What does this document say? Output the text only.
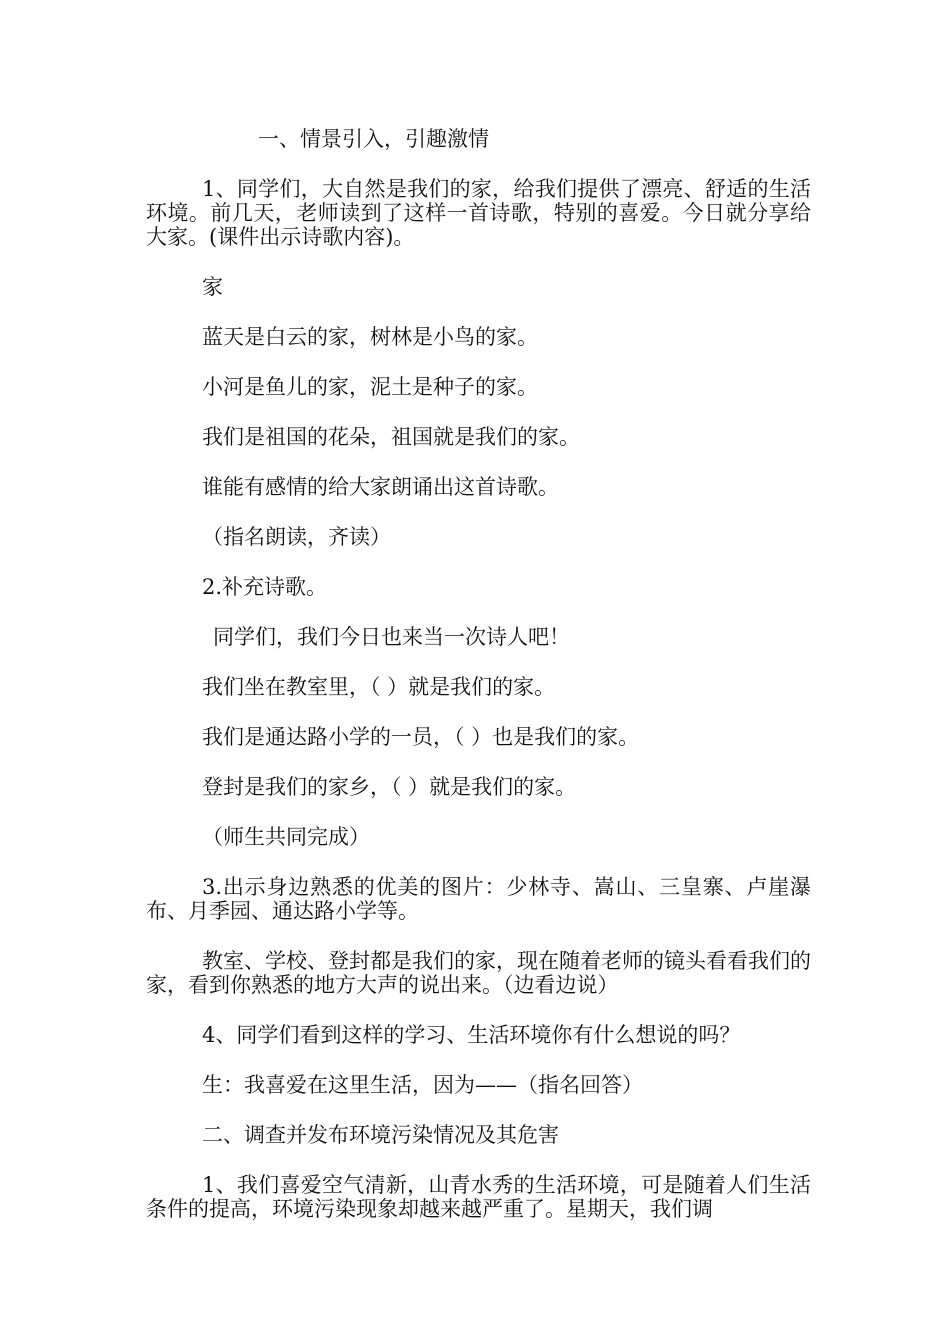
一、情景引入，引趣激情

1、同学们，大自然是我们的家，给我们提供了漂亮、舒适的生活环境。前几天，老师读到了这样一首诗歌，特别的喜爱。今日就分享给大家。(课件出示诗歌内容)。

家
蓝天是白云的家，树林是小鸟的家。
小河是鱼儿的家，泥土是种子的家。
我们是祖国的花朵，祖国就是我们的家。
谁能有感情的给大家朗诵出这首诗歌。
（指名朗读，齐读）
2.补充诗歌。
同学们，我们今日也来当一次诗人吧！
我们坐在教室里，（ ）就是我们的家。
我们是通达路小学的一员，（ ）也是我们的家。
登封是我们的家乡，（ ）就是我们的家。
（师生共同完成）

3.出示身边熟悉的优美的图片：少林寺、嵩山、三皇寨、卢崖瀑布、月季园、通达路小学等。

教室、学校、登封都是我们的家，现在随着老师的镜头看看我们的家，看到你熟悉的地方大声的说出来。（边看边说）

4、同学们看到这样的学习、生活环境你有什么想说的吗？
生：我喜爱在这里生活，因为——（指名回答）
二、调查并发布环境污染情况及其危害

1、我们喜爱空气清新，山青水秀的生活环境，可是随着人们生活条件的提高，环境污染现象却越来越严重了。星期天，我们调
